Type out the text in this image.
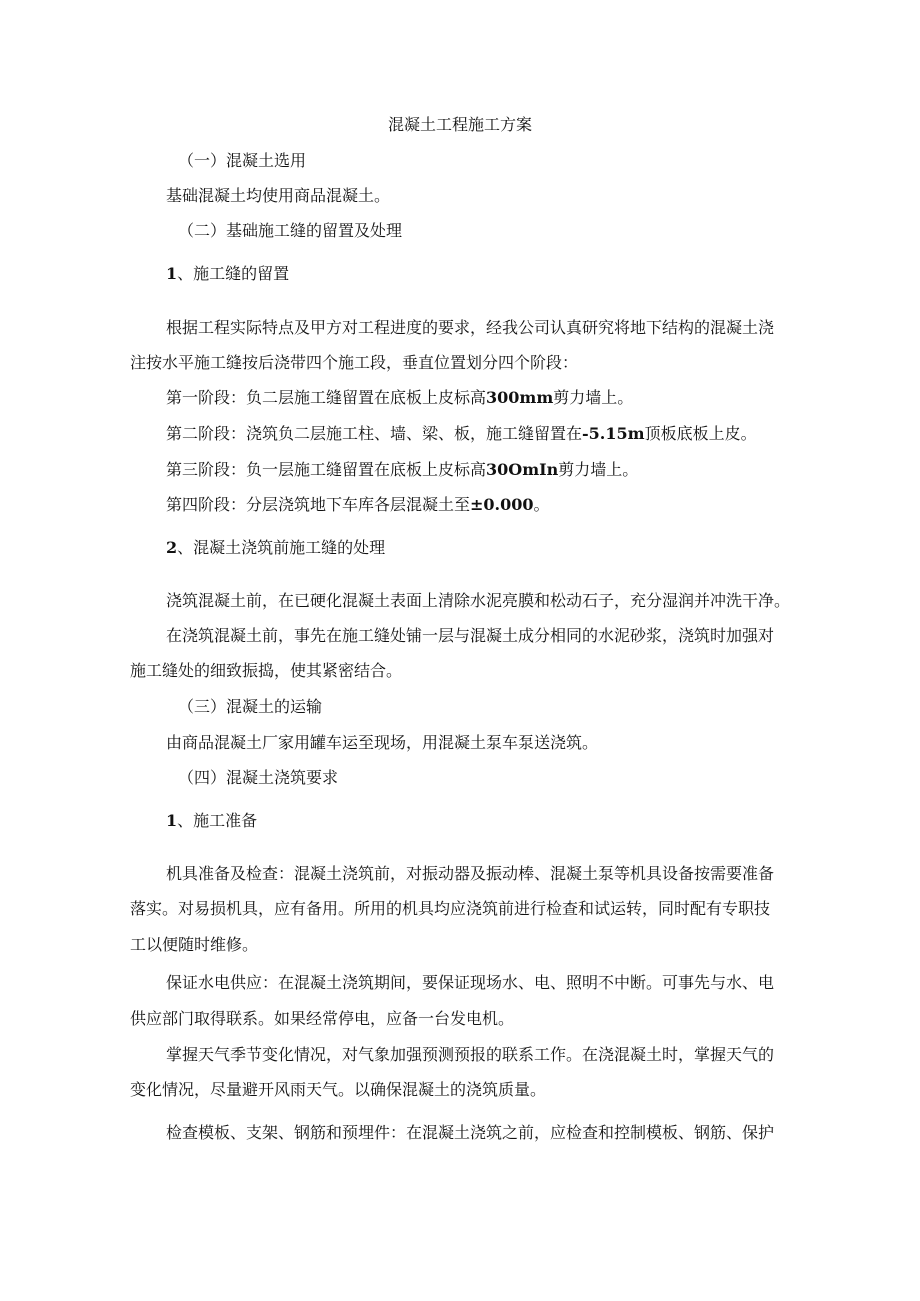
混凝土工程施工方案

（一）混凝土选用

基础混凝土均使用商品混凝土。

（二）基础施工缝的留置及处理

1、施工缝的留置

根据工程实际特点及甲方对工程进度的要求，经我公司认真研究将地下结构的混凝土浇

注按水平施工缝按后浇带四个施工段，垂直位置划分四个阶段：

第一阶段：负二层施工缝留置在底板上皮标高300mm剪力墙上。

第二阶段：浇筑负二层施工柱、墙、梁、板，施工缝留置在-5.15m顶板底板上皮。

第三阶段：负一层施工缝留置在底板上皮标高30OmIn剪力墙上。

第四阶段：分层浇筑地下车库各层混凝土至±0.000。

2、混凝土浇筑前施工缝的处理

浇筑混凝土前，在已硬化混凝土表面上清除水泥亮膜和松动石子，充分湿润并冲洗干净。

在浇筑混凝土前，事先在施工缝处铺一层与混凝土成分相同的水泥砂浆，浇筑时加强对

施工缝处的细致振捣，使其紧密结合。

（三）混凝土的运输

由商品混凝土厂家用罐车运至现场，用混凝土泵车泵送浇筑。

（四）混凝土浇筑要求

1、施工准备

机具准备及检查：混凝土浇筑前，对振动器及振动棒、混凝土泵等机具设备按需要准备

落实。对易损机具，应有备用。所用的机具均应浇筑前进行检查和试运转，同时配有专职技

工以便随时维修。

保证水电供应：在混凝土浇筑期间，要保证现场水、电、照明不中断。可事先与水、电

供应部门取得联系。如果经常停电，应备一台发电机。

掌握天气季节变化情况，对气象加强预测预报的联系工作。在浇混凝土时，掌握天气的

变化情况，尽量避开风雨天气。以确保混凝土的浇筑质量。

检查模板、支架、钢筋和预埋件：在混凝土浇筑之前，应检查和控制模板、钢筋、保护
